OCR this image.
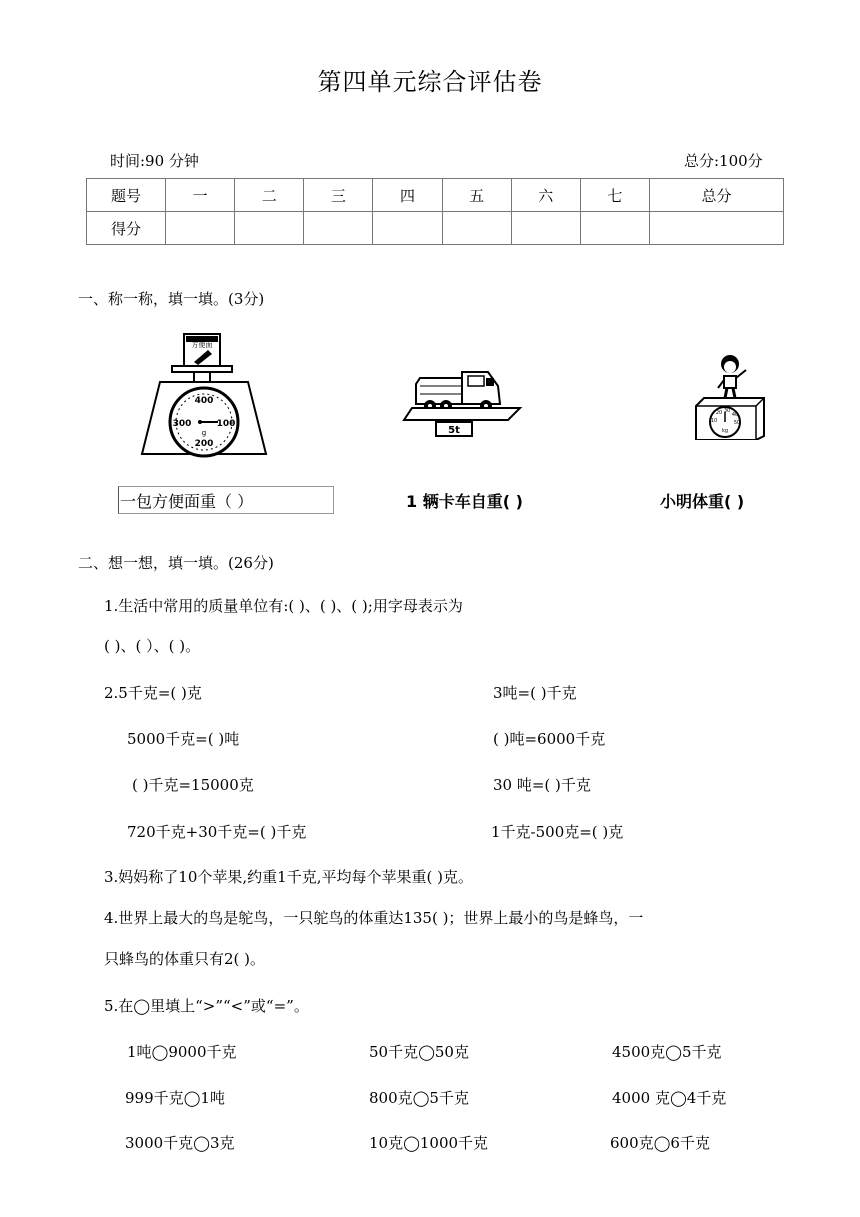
第四单元综合评估卷
时间:90 分钟	总分:100分
题号	一	二	三	四	五	六	七	总分
得分								
一、称一称，填一填。(3分)
方便面
400
300	100
200
g	5t
20 30
40
10	50
kg
一包方便面重（ ）	1 辆卡车自重( )	小明体重( )
二、想一想，填一填。(26分)
1.生活中常用的质量单位有:( )、( )、( );用字母表示为
( )、( ）、( )。
2.5千克=( )克	3吨=( )千克
5000千克=( )吨	( )吨=6000千克
( )千克=15000克	30 吨=( )千克
720千克+30千克=( )千克	1千克-500克=( )克
3.妈妈称了10个苹果,约重1千克,平均每个苹果重( )克。
4.世界上最大的鸟是鸵鸟，一只鸵鸟的体重达135( )；世界上最小的鸟是蜂鸟，一
只蜂鸟的体重只有2( )。
5.在◯里填上“>”“<”或“=”。
1吨◯9000千克	50千克◯50克	4500克◯5千克
999千克◯1吨	800克◯5千克	4000 克◯4千克
3000千克◯3克	10克◯1000千克	600克◯6千克
